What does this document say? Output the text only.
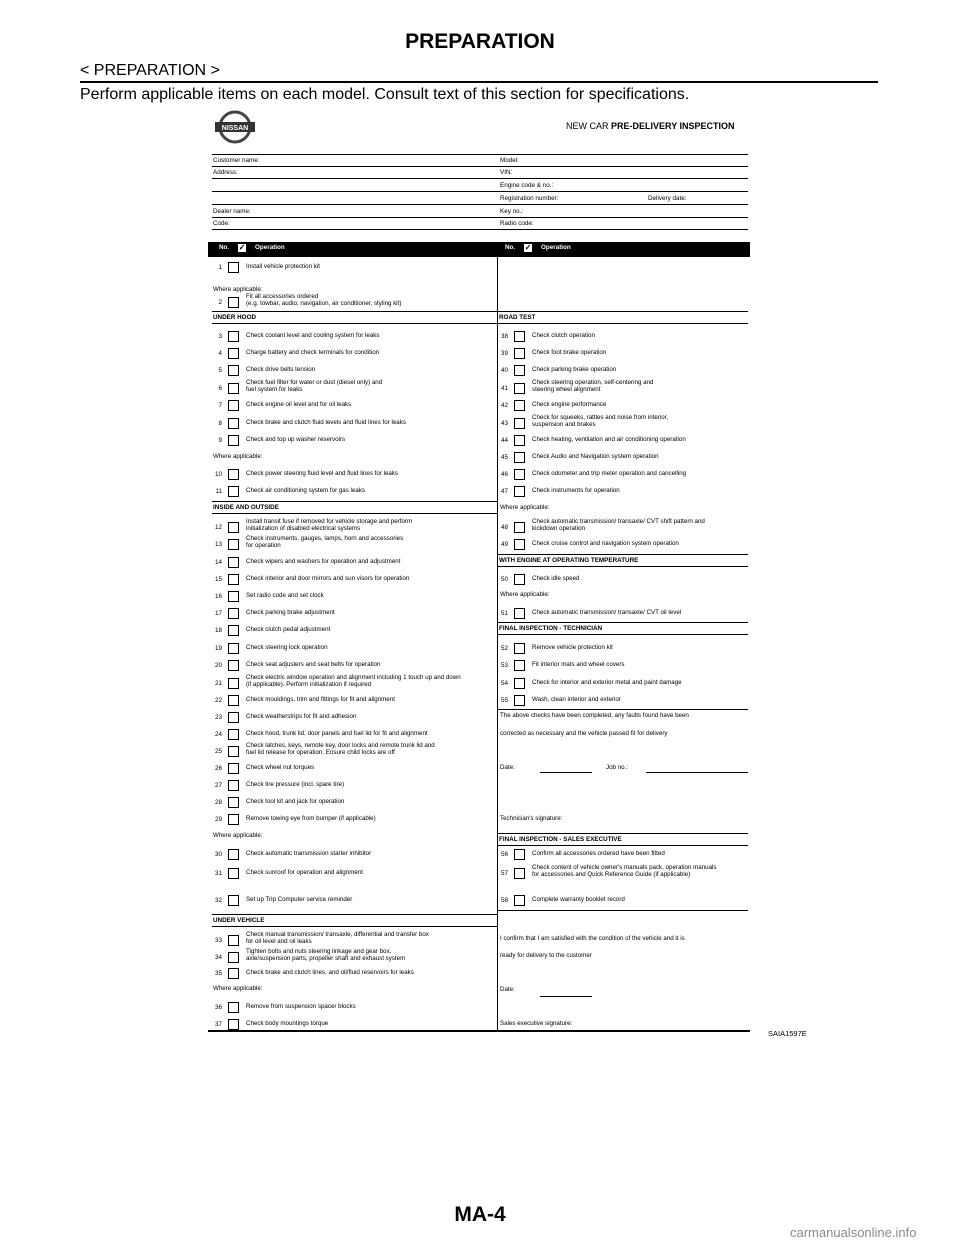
PREPARATION
< PREPARATION >
Perform applicable items on each model. Consult text of this section for specifications.
NISSAN	NEW CAR PRE-DELIVERY INSPECTION
Customer name:	Model:
Address:	VIN:
Engine code & no.:
Registration number:	Delivery date:
Dealer name:	Key no.:
Code:	Radio code:
No. ✓ Operation	No. ✓ Operation
1	Install vehicle protection kit
2
Fit all accessories ordered
(e.g. towbar, audio, navigation, air conditioner, styling kit)
Where applicable:
UNDER HOOD
3	Check coolant level and cooling system for leaks
4	Charge battery and check terminals for condition
5	Check drive belts tension
6
Check fuel filter for water or dust (diesel only) and
fuel system for leaks
7	Check engine oil level and for oil leaks
8	Check brake and clutch fluid levels and fluid lines for leaks
9	Check and top up washer reservoirs
Where applicable:
10	Check power steering fluid level and fluid lines for leaks
11	Check air conditioning system for gas leaks
INSIDE AND OUTSIDE
12
Install transit fuse if removed for vehicle storage and perform
initialization of disabled electrical systems
13
Check instruments, gauges, lamps, horn and accessories
for operation
14	Check wipers and washers for operation and adjustment
15	Check interior and door mirrors and sun visors for operation
16	Set radio code and set clock
17	Check parking brake adjustment
18	Check clutch pedal adjustment
19	Check steering lock operation
20	Check seat adjusters and seat belts for operation
21
Check electric window operation and alignment including 1 touch up and down
(if applicable). Perform initialization if required
22	Check mouldings, trim and fittings for fit and alignment
23	Check weatherstrips for fit and adhesion
24	Check hood, trunk lid, door panels and fuel lid for fit and alignment
25
Check latches, keys, remote key, door locks and remote trunk lid and
fuel lid release for operation. Ensure child locks are off
26	Check wheel nut torques
27	Check tire pressure (incl. spare tire)
28	Check tool kit and jack for operation
29	Remove towing eye from bumper (if applicable)
Where applicable:
30	Check automatic transmission starter inhibitor
31	Check sunroof for operation and alignment
32	Set up Trip Computer service reminder
UNDER VEHICLE
33
Check manual transmission/ transaxle, differential and transfer box
for oil level and oil leaks
34
Tighten bolts and nuts steering linkage and gear box,
axle/suspension parts, propeller shaft and exhaust system
35	Check brake and clutch lines, and oil/fluid reservoirs for leaks
Where applicable:
36	Remove from suspension spacer blocks
37	Check body mountings torque
ROAD TEST
38	Check clutch operation
39	Check foot brake operation
40	Check parking brake operation
41
Check steering operation, self-centering and
steering wheel alignment
42	Check engine performance
43
Check for squeeks, rattles and noise from interior,
suspension and brakes
44	Check heating, ventilation and air conditioning operation
45	Check Audio and Navigation system operation
46	Check odometer and trip meter operation and cancelling
47	Check instruments for operation
Where applicable:
48
Check automatic transmission/ transaxle/ CVT shift pattern and
kickdown operation
49	Check cruise control and navigation system operation
WITH ENGINE AT OPERATING TEMPERATURE
50	Check idle speed
Where applicable:
51	Check automatic transmission/ transaxle/ CVT oil level
FINAL INSPECTION - TECHNICIAN
52	Remove vehicle protection kit
53	Fit interior mats and wheel covers
54	Check for interior and exterior metal and paint damage
55	Wash, clean interior and exterior
The above checks have been completed, any faults found have been
corrected as necessary and the vehicle passed fit for delivery
Date:	Job no.:
Technician's signature:
FINAL INSPECTION - SALES EXECUTIVE
56	Confirm all accessories ordered have been fitted
57
Check content of vehicle owner's manuals pack, operation manuals
for accessories and Quick Reference Guide (if applicable)
58	Complete warranty booklet record
I confirm that I am satisfied with the condition of the vehicle and it is
ready for delivery to the customer
Date:
Sales executive signature:
SAIA1597E
MA-4
carmanualsonline.info
